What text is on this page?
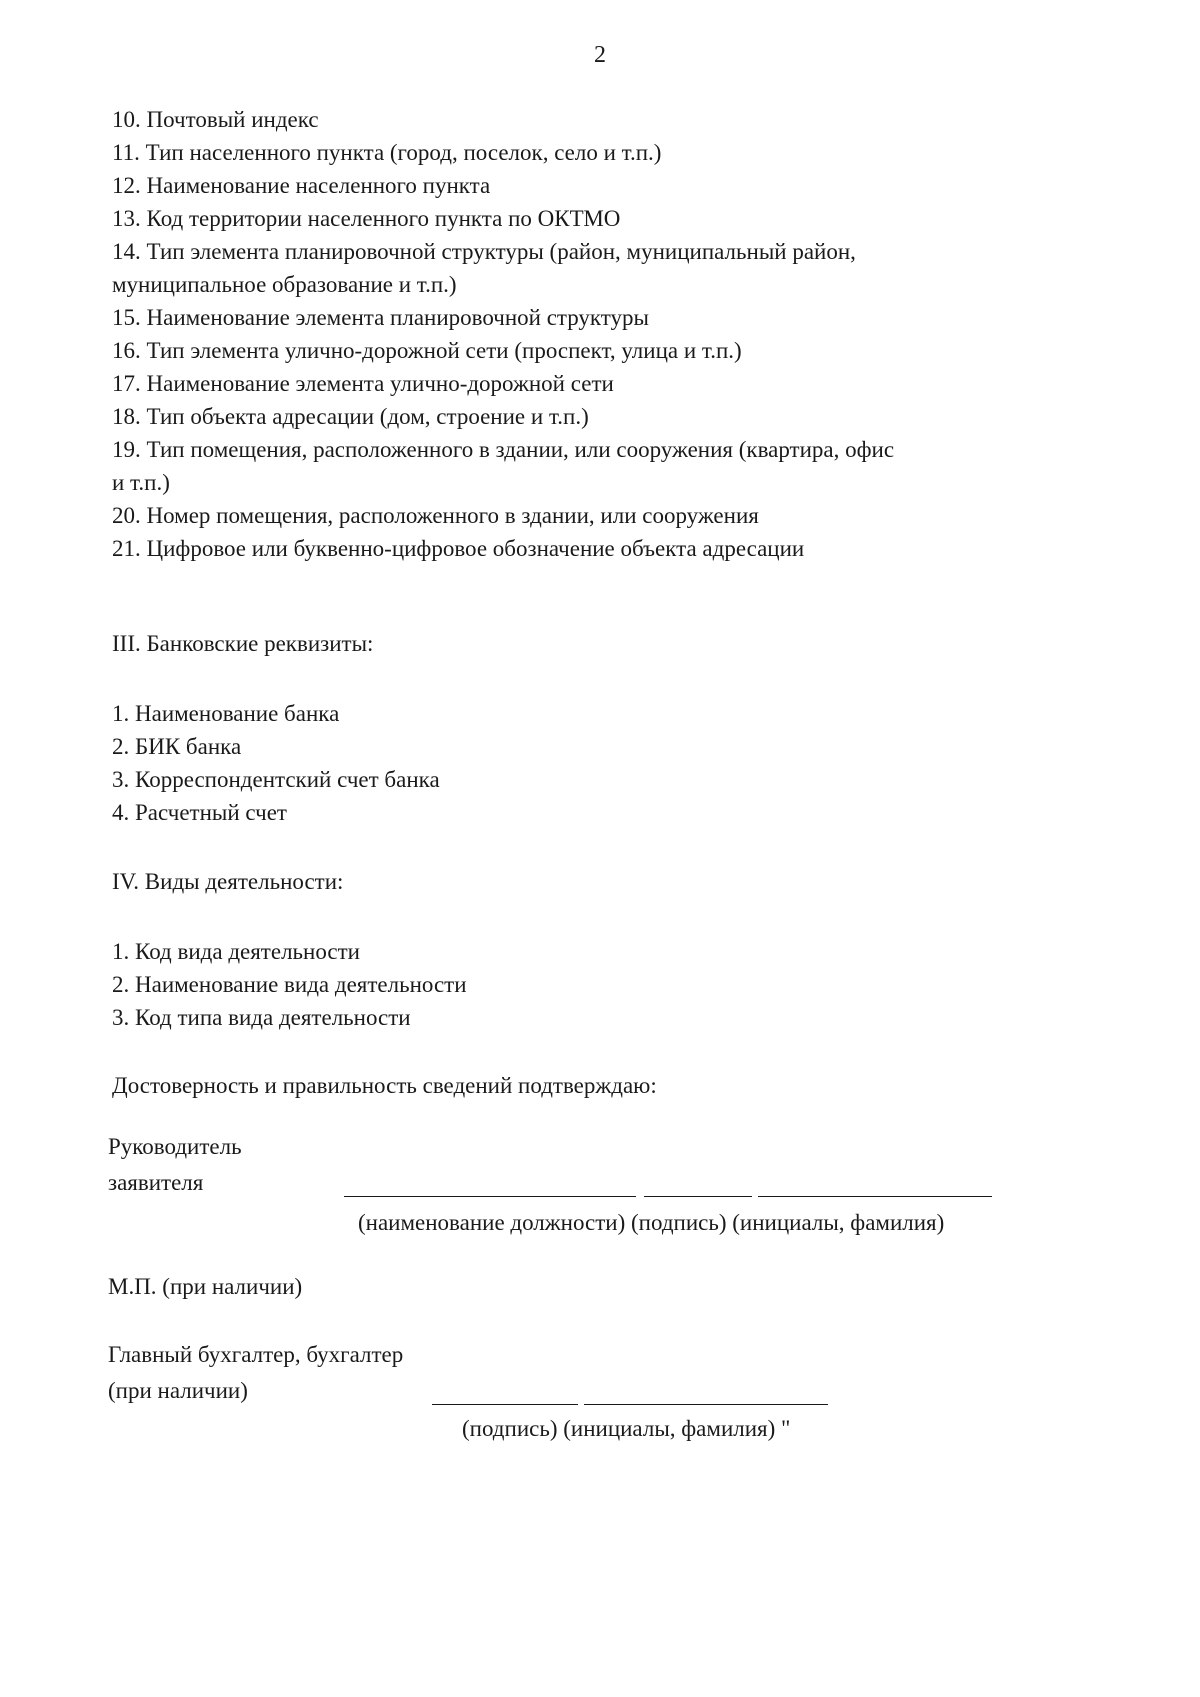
2
10. Почтовый индекс
11. Тип населенного пункта (город, поселок, село и т.п.)
12. Наименование населенного пункта
13. Код территории населенного пункта по ОКТМО
14. Тип элемента планировочной структуры (район, муниципальный район,
муниципальное образование и т.п.)
15. Наименование элемента планировочной структуры
16. Тип элемента улично-дорожной сети (проспект, улица и т.п.)
17. Наименование элемента улично-дорожной сети
18. Тип объекта адресации (дом, строение и т.п.)
19. Тип помещения, расположенного в здании, или сооружения (квартира, офис
и т.п.)
20. Номер помещения, расположенного в здании, или сооружения
21. Цифровое или буквенно-цифровое обозначение объекта адресации
III. Банковские реквизиты:
1. Наименование банка
2. БИК банка
3. Корреспондентский счет банка
4. Расчетный счет
IV. Виды деятельности:
1. Код вида деятельности
2. Наименование вида деятельности
3. Код типа вида деятельности
Достоверность и правильность сведений подтверждаю:
Руководитель
заявителя
(наименование должности) (подпись) (инициалы, фамилия)
М.П. (при наличии)
Главный бухгалтер, бухгалтер
(при наличии)
(подпись) (инициалы, фамилия) "
